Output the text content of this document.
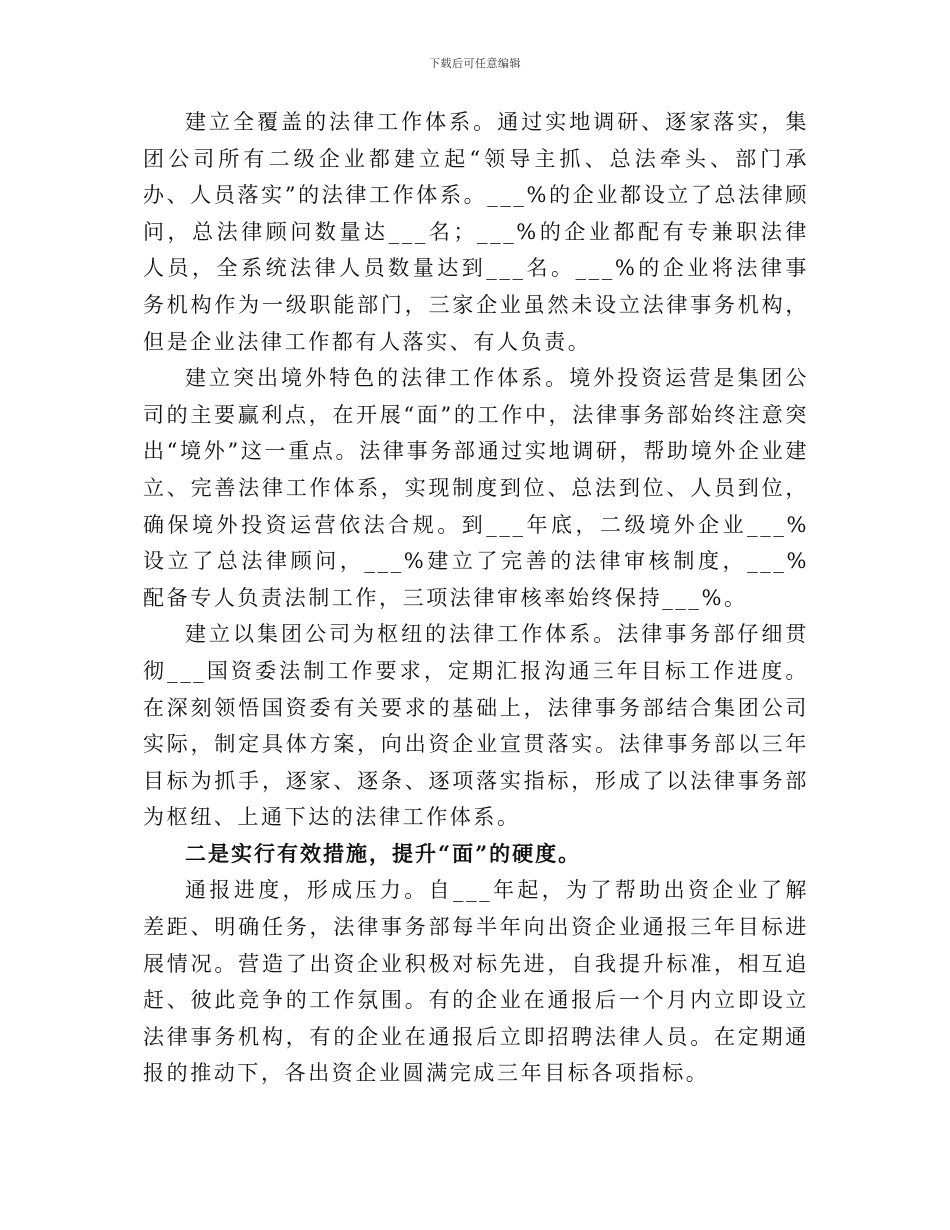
下载后可任意编辑

建立全覆盖的法律工作体系。通过实地调研、逐家落实，集团公司所有二级企业都建立起“领导主抓、总法牵头、部门承办、人员落实”的法律工作体系。___%的企业都设立了总法律顾问，总法律顾问数量达___名；___%的企业都配有专兼职法律人员，全系统法律人员数量达到___名。___%的企业将法律事务机构作为一级职能部门，三家企业虽然未设立法律事务机构，但是企业法律工作都有人落实、有人负责。

建立突出境外特色的法律工作体系。境外投资运营是集团公司的主要赢利点，在开展“面”的工作中，法律事务部始终注意突出“境外”这一重点。法律事务部通过实地调研，帮助境外企业建立、完善法律工作体系，实现制度到位、总法到位、人员到位，确保境外投资运营依法合规。到___年底，二级境外企业___%设立了总法律顾问，___%建立了完善的法律审核制度，___%配备专人负责法制工作，三项法律审核率始终保持___%。

建立以集团公司为枢纽的法律工作体系。法律事务部仔细贯彻___国资委法制工作要求，定期汇报沟通三年目标工作进度。在深刻领悟国资委有关要求的基础上，法律事务部结合集团公司实际，制定具体方案，向出资企业宣贯落实。法律事务部以三年目标为抓手，逐家、逐条、逐项落实指标，形成了以法律事务部为枢纽、上通下达的法律工作体系。

二是实行有效措施，提升“面”的硬度。

通报进度，形成压力。自___年起，为了帮助出资企业了解差距、明确任务，法律事务部每半年向出资企业通报三年目标进展情况。营造了出资企业积极对标先进，自我提升标准，相互追赶、彼此竞争的工作氛围。有的企业在通报后一个月内立即设立法律事务机构，有的企业在通报后立即招聘法律人员。在定期通报的推动下，各出资企业圆满完成三年目标各项指标。
